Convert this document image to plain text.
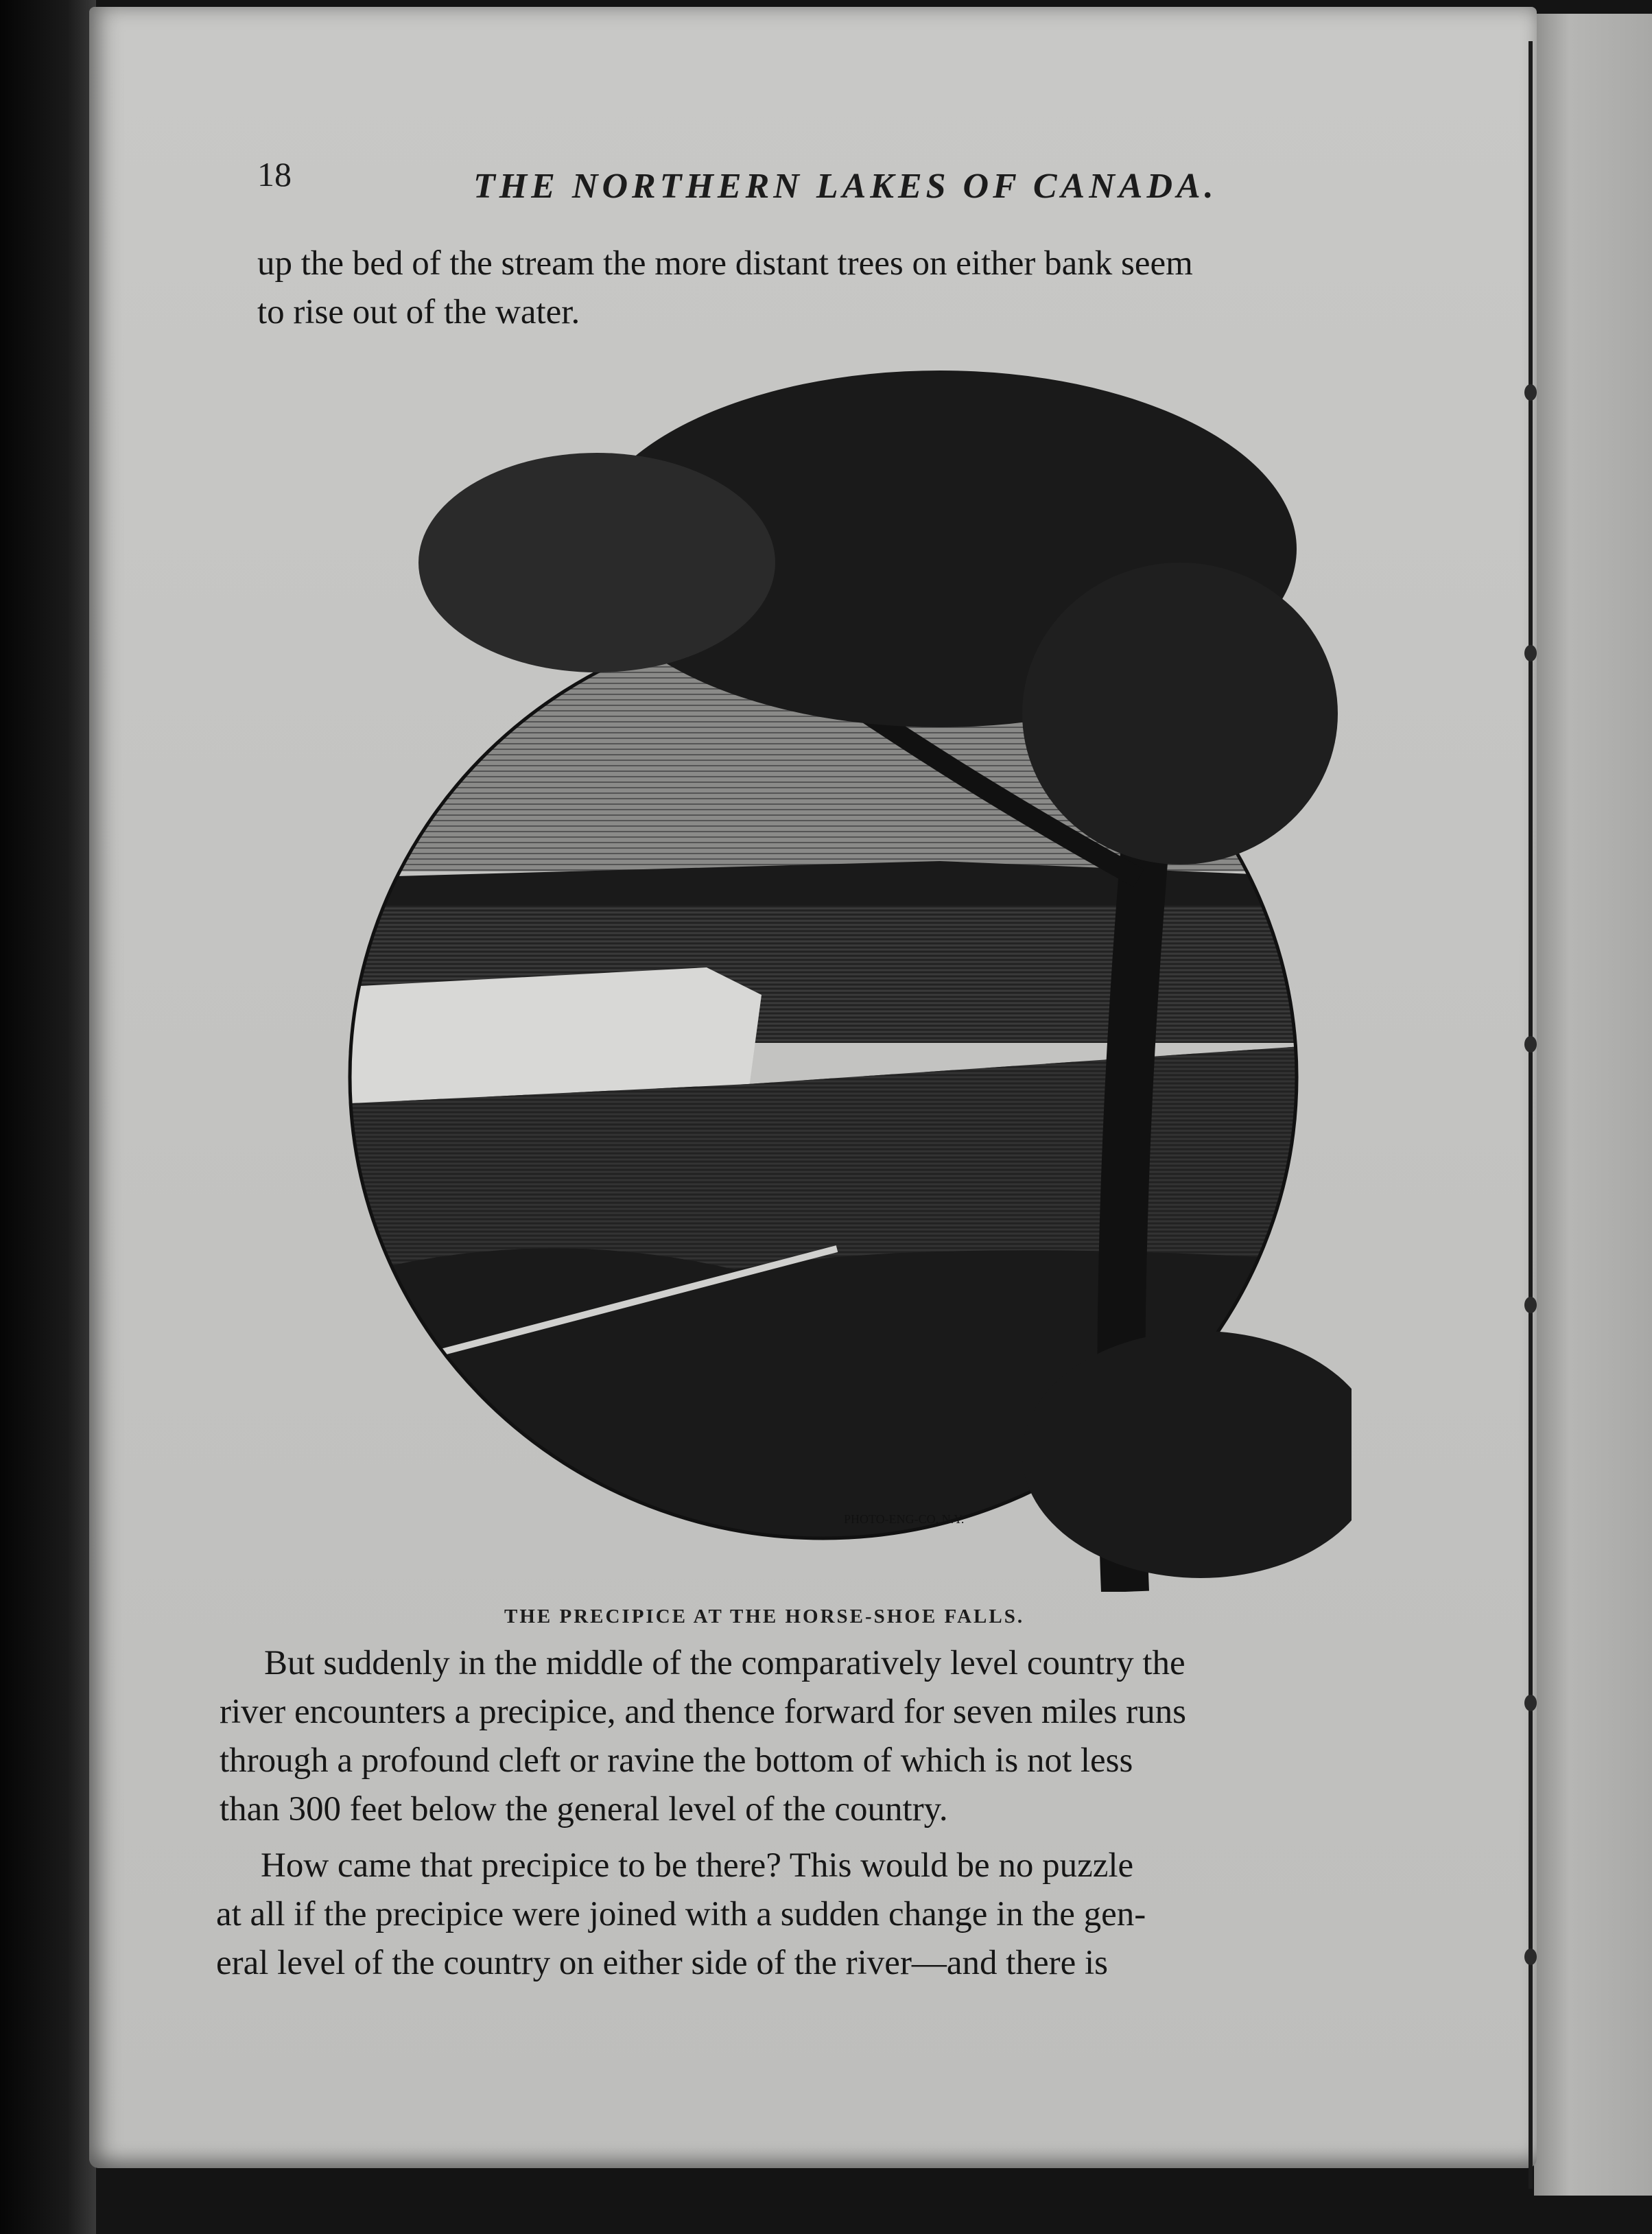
18	THE NORTHERN LAKES OF CANADA.
up the bed of the stream the more distant trees on either bank seem
to rise out of the water.
PHOTO-ENG-CO. N.Y.
THE PRECIPICE AT THE HORSE-SHOE FALLS.
But suddenly in the middle of the comparatively level country the
river encounters a precipice, and thence forward for seven miles runs
through a profound cleft or ravine the bottom of which is not less
than 300 feet below the general level of the country.
How came that precipice to be there? This would be no puzzle
at all if the precipice were joined with a sudden change in the gen-
eral level of the country on either side of the river—and there is
